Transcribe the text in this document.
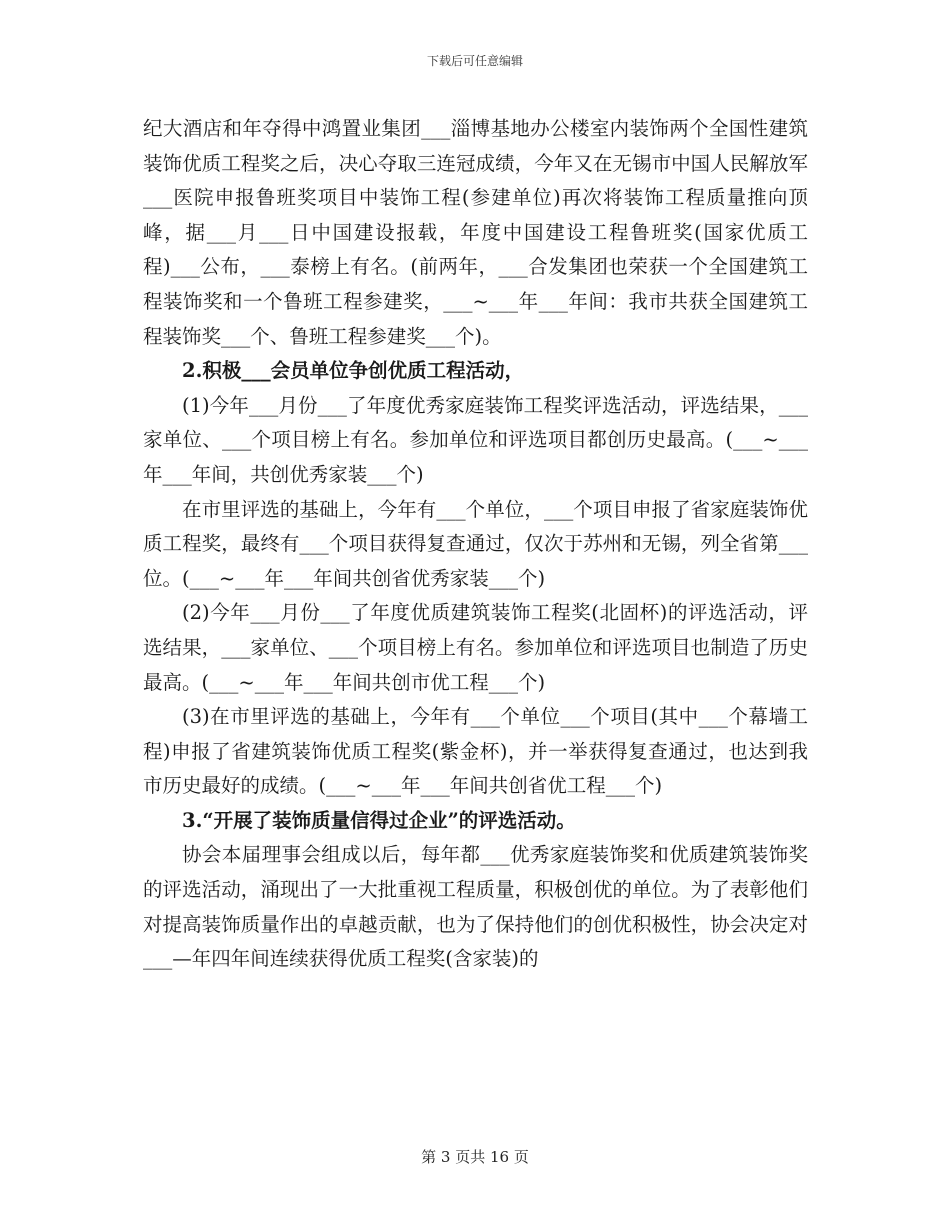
下载后可任意编辑

纪大酒店和年夺得中鸿置业集团___淄博基地办公楼室内装饰两个全国性建筑装饰优质工程奖之后，决心夺取三连冠成绩，今年又在无锡市中国人民解放军___医院申报鲁班奖项目中装饰工程(参建单位)再次将装饰工程质量推向顶峰，据___月___日中国建设报载，年度中国建设工程鲁班奖(国家优质工程)___公布，___泰榜上有名。(前两年，___合发集团也荣获一个全国建筑工程装饰奖和一个鲁班工程参建奖，___~___年___年间：我市共获全国建筑工程装饰奖___个、鲁班工程参建奖___个)。

2.积极___会员单位争创优质工程活动，

(1)今年___月份___了年度优秀家庭装饰工程奖评选活动，评选结果，___家单位、___个项目榜上有名。参加单位和评选项目都创历史最高。(___~___年___年间，共创优秀家装___个)

在市里评选的基础上，今年有___个单位，___个项目申报了省家庭装饰优质工程奖，最终有___个项目获得复查通过，仅次于苏州和无锡，列全省第___位。(___~___年___年间共创省优秀家装___个)

(2)今年___月份___了年度优质建筑装饰工程奖(北固杯)的评选活动，评选结果，___家单位、___个项目榜上有名。参加单位和评选项目也制造了历史最高。(___~___年___年间共创市优工程___个)

(3)在市里评选的基础上，今年有___个单位___个项目(其中___个幕墙工程)申报了省建筑装饰优质工程奖(紫金杯)，并一举获得复查通过，也达到我市历史最好的成绩。(___~___年___年间共创省优工程___个)

3.“开展了装饰质量信得过企业”的评选活动。

协会本届理事会组成以后，每年都___优秀家庭装饰奖和优质建筑装饰奖的评选活动，涌现出了一大批重视工程质量，积极创优的单位。为了表彰他们对提高装饰质量作出的卓越贡献，也为了保持他们的创优积极性，协会决定对___—年四年间连续获得优质工程奖(含家装)的

第 3 页共 16 页
